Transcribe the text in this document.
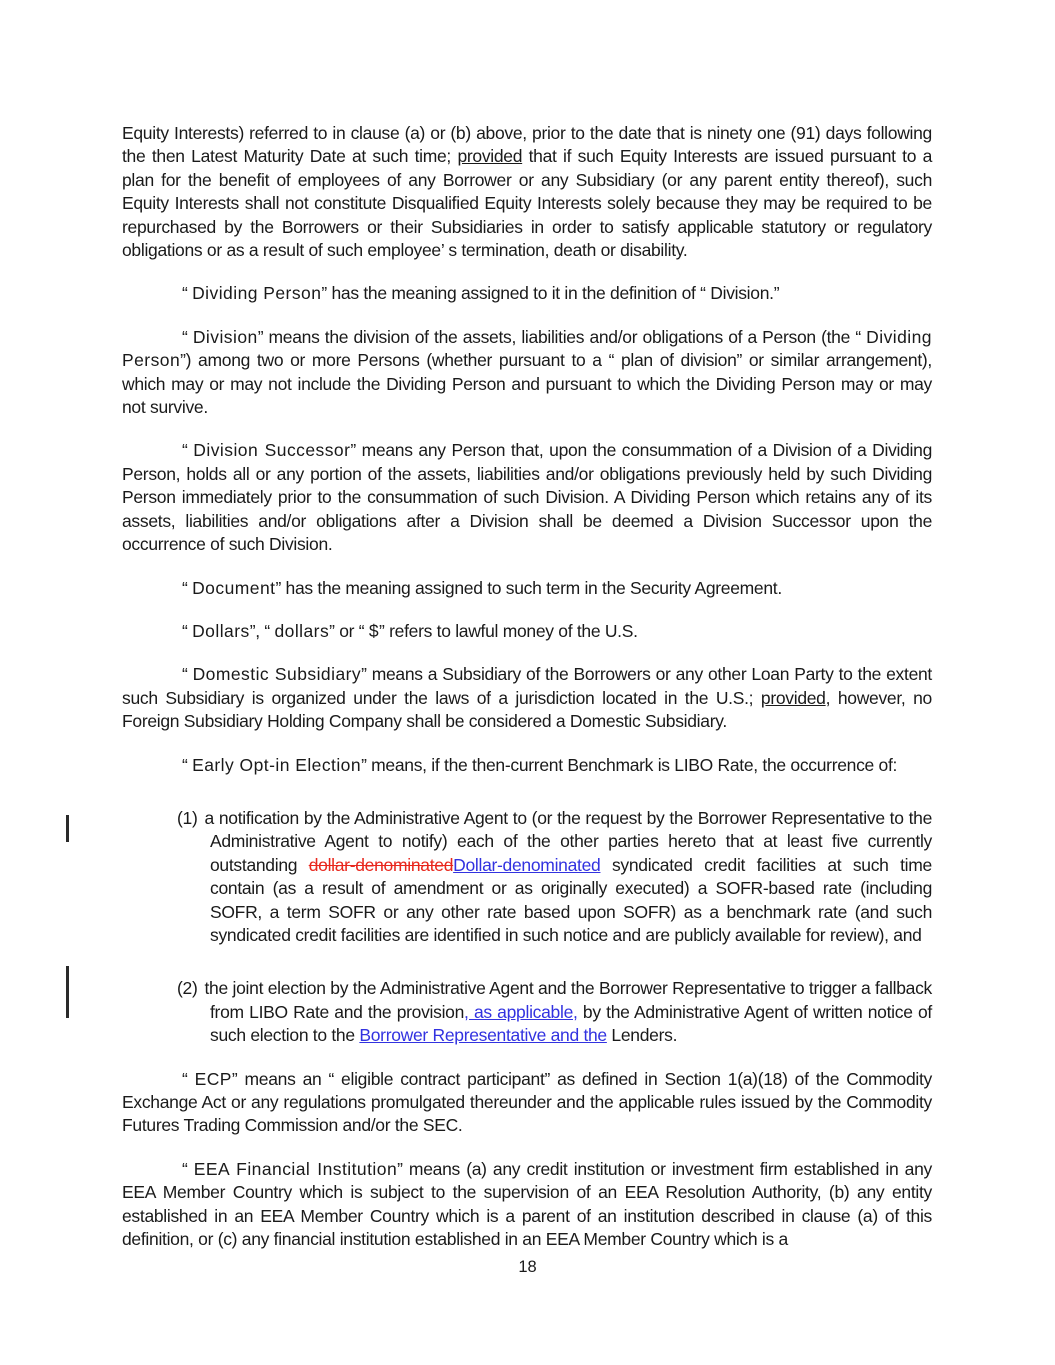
Equity Interests) referred to in clause (a) or (b) above, prior to the date that is ninety one (91) days following the then Latest Maturity Date at such time; provided that if such Equity Interests are issued pursuant to a plan for the benefit of employees of any Borrower or any Subsidiary (or any parent entity thereof), such Equity Interests shall not constitute Disqualified Equity Interests solely because they may be required to be repurchased by the Borrowers or their Subsidiaries in order to satisfy applicable statutory or regulatory obligations or as a result of such employee’ s termination, death or disability.
“ Dividing Person” has the meaning assigned to it in the definition of “ Division.”
“ Division” means the division of the assets, liabilities and/or obligations of a Person (the “ Dividing Person”) among two or more Persons (whether pursuant to a “ plan of division” or similar arrangement), which may or may not include the Dividing Person and pursuant to which the Dividing Person may or may not survive.
“ Division Successor” means any Person that, upon the consummation of a Division of a Dividing Person, holds all or any portion of the assets, liabilities and/or obligations previously held by such Dividing Person immediately prior to the consummation of such Division. A Dividing Person which retains any of its assets, liabilities and/or obligations after a Division shall be deemed a Division Successor upon the occurrence of such Division.
“ Document” has the meaning assigned to such term in the Security Agreement.
“ Dollars”, “ dollars” or “ $” refers to lawful money of the U.S.
“ Domestic Subsidiary” means a Subsidiary of the Borrowers or any other Loan Party to the extent such Subsidiary is organized under the laws of a jurisdiction located in the U.S.; provided, however, no Foreign Subsidiary Holding Company shall be considered a Domestic Subsidiary.
“ Early Opt-in Election” means, if the then-current Benchmark is LIBO Rate, the occurrence of:
(1) a notification by the Administrative Agent to (or the request by the Borrower Representative to the Administrative Agent to notify) each of the other parties hereto that at least five currently outstanding dollar-denominatedDollar-denominated syndicated credit facilities at such time contain (as a result of amendment or as originally executed) a SOFR-based rate (including SOFR, a term SOFR or any other rate based upon SOFR) as a benchmark rate (and such syndicated credit facilities are identified in such notice and are publicly available for review), and
(2) the joint election by the Administrative Agent and the Borrower Representative to trigger a fallback from LIBO Rate and the provision, as applicable, by the Administrative Agent of written notice of such election to the Borrower Representative and the Lenders.
“ ECP” means an “ eligible contract participant” as defined in Section 1(a)(18) of the Commodity Exchange Act or any regulations promulgated thereunder and the applicable rules issued by the Commodity Futures Trading Commission and/or the SEC.
“ EEA Financial Institution” means (a) any credit institution or investment firm established in any EEA Member Country which is subject to the supervision of an EEA Resolution Authority, (b) any entity established in an EEA Member Country which is a parent of an institution described in clause (a) of this definition, or (c) any financial institution established in an EEA Member Country which is a
18
